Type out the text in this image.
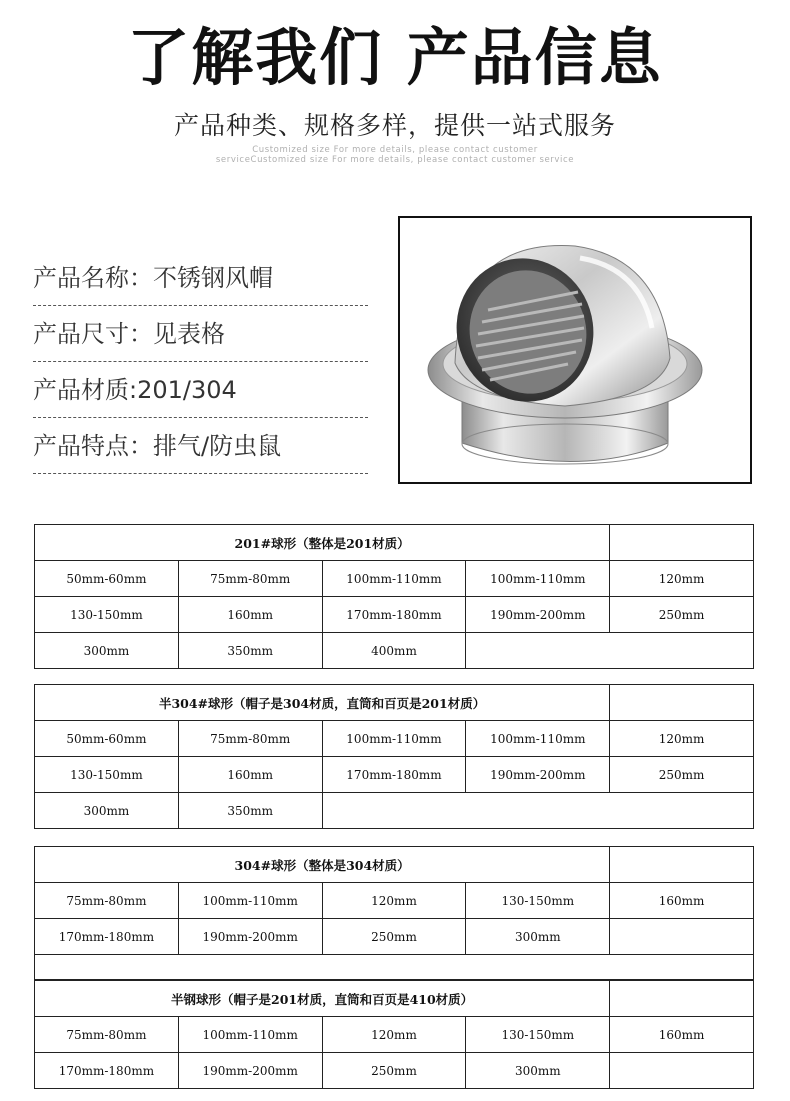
了解我们 产品信息
产品种类、规格多样，提供一站式服务
Customized size For more details, please contact customer serviceCustomized size For more details, please contact customer service
产品名称：不锈钢风帽
产品尺寸：见表格
产品材质:201/304
产品特点：排气/防虫鼠
201#球形（整体是201材质）				
50mm-60mm	75mm-80mm	100mm-110mm	100mm-110mm	120mm
130-150mm	160mm	170mm-180mm	190mm-200mm	250mm
300mm	350mm	400mm		
半304#球形（帽子是304材质，直筒和百页是201材质）				
50mm-60mm	75mm-80mm	100mm-110mm	100mm-110mm	120mm
130-150mm	160mm	170mm-180mm	190mm-200mm	250mm
300mm	350mm			
304#球形（整体是304材质）				
75mm-80mm	100mm-110mm	120mm	130-150mm	160mm
170mm-180mm	190mm-200mm	250mm	300mm	

半钢球形（帽子是201材质，直筒和百页是410材质）				
75mm-80mm	100mm-110mm	120mm	130-150mm	160mm
170mm-180mm	190mm-200mm	250mm	300mm	
